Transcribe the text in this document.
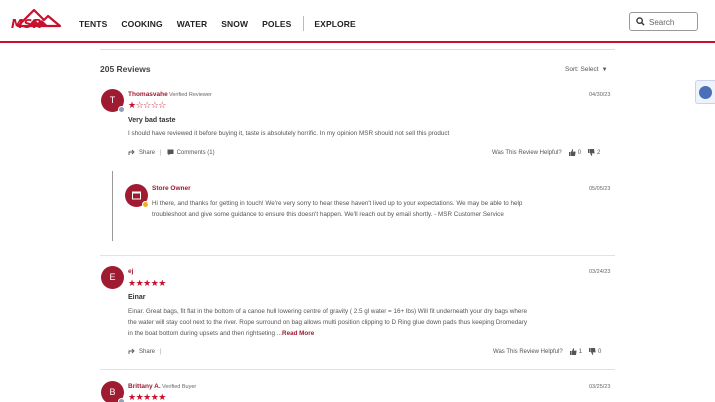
MSR	TENTS COOKING WATER SNOW POLES	EXPLORE
Search
205 Reviews	Sort: Select ▼
T
Thomasvahe Verified Reviewer	04/30/23
★☆☆☆☆
Very bad taste
I should have reviewed it before buying it, taste is absolutely horrific. In my opinion MSR should not sell this product
Share |	Comments (1)	Was This Review Helpful?	0	2
Store Owner	05/05/23
Hi there, and thanks for getting in touch! We're very sorry to hear these haven't lived up to your expectations. We may be able to help
troubleshoot and give some guidance to ensure this doesn't happen. We'll reach out by email shortly. - MSR Customer Service
E
ej	03/24/23
★★★★★
Einar
Einar. Great bags, fit flat in the bottom of a canoe hull lowering centre of gravity ( 2.5 gl water = 16+ lbs) Will fit underneath your dry bags where
the water will stay cool next to the river. Rope surround on bag allows multi position clipping to D Ring glue down pads thus keeping Dromedary
in the boat bottom during upsets and then rightseting ...Read More
Share |	Was This Review Helpful?	1	0
B
Brittany A. Verified Buyer	03/25/23
★★★★★
